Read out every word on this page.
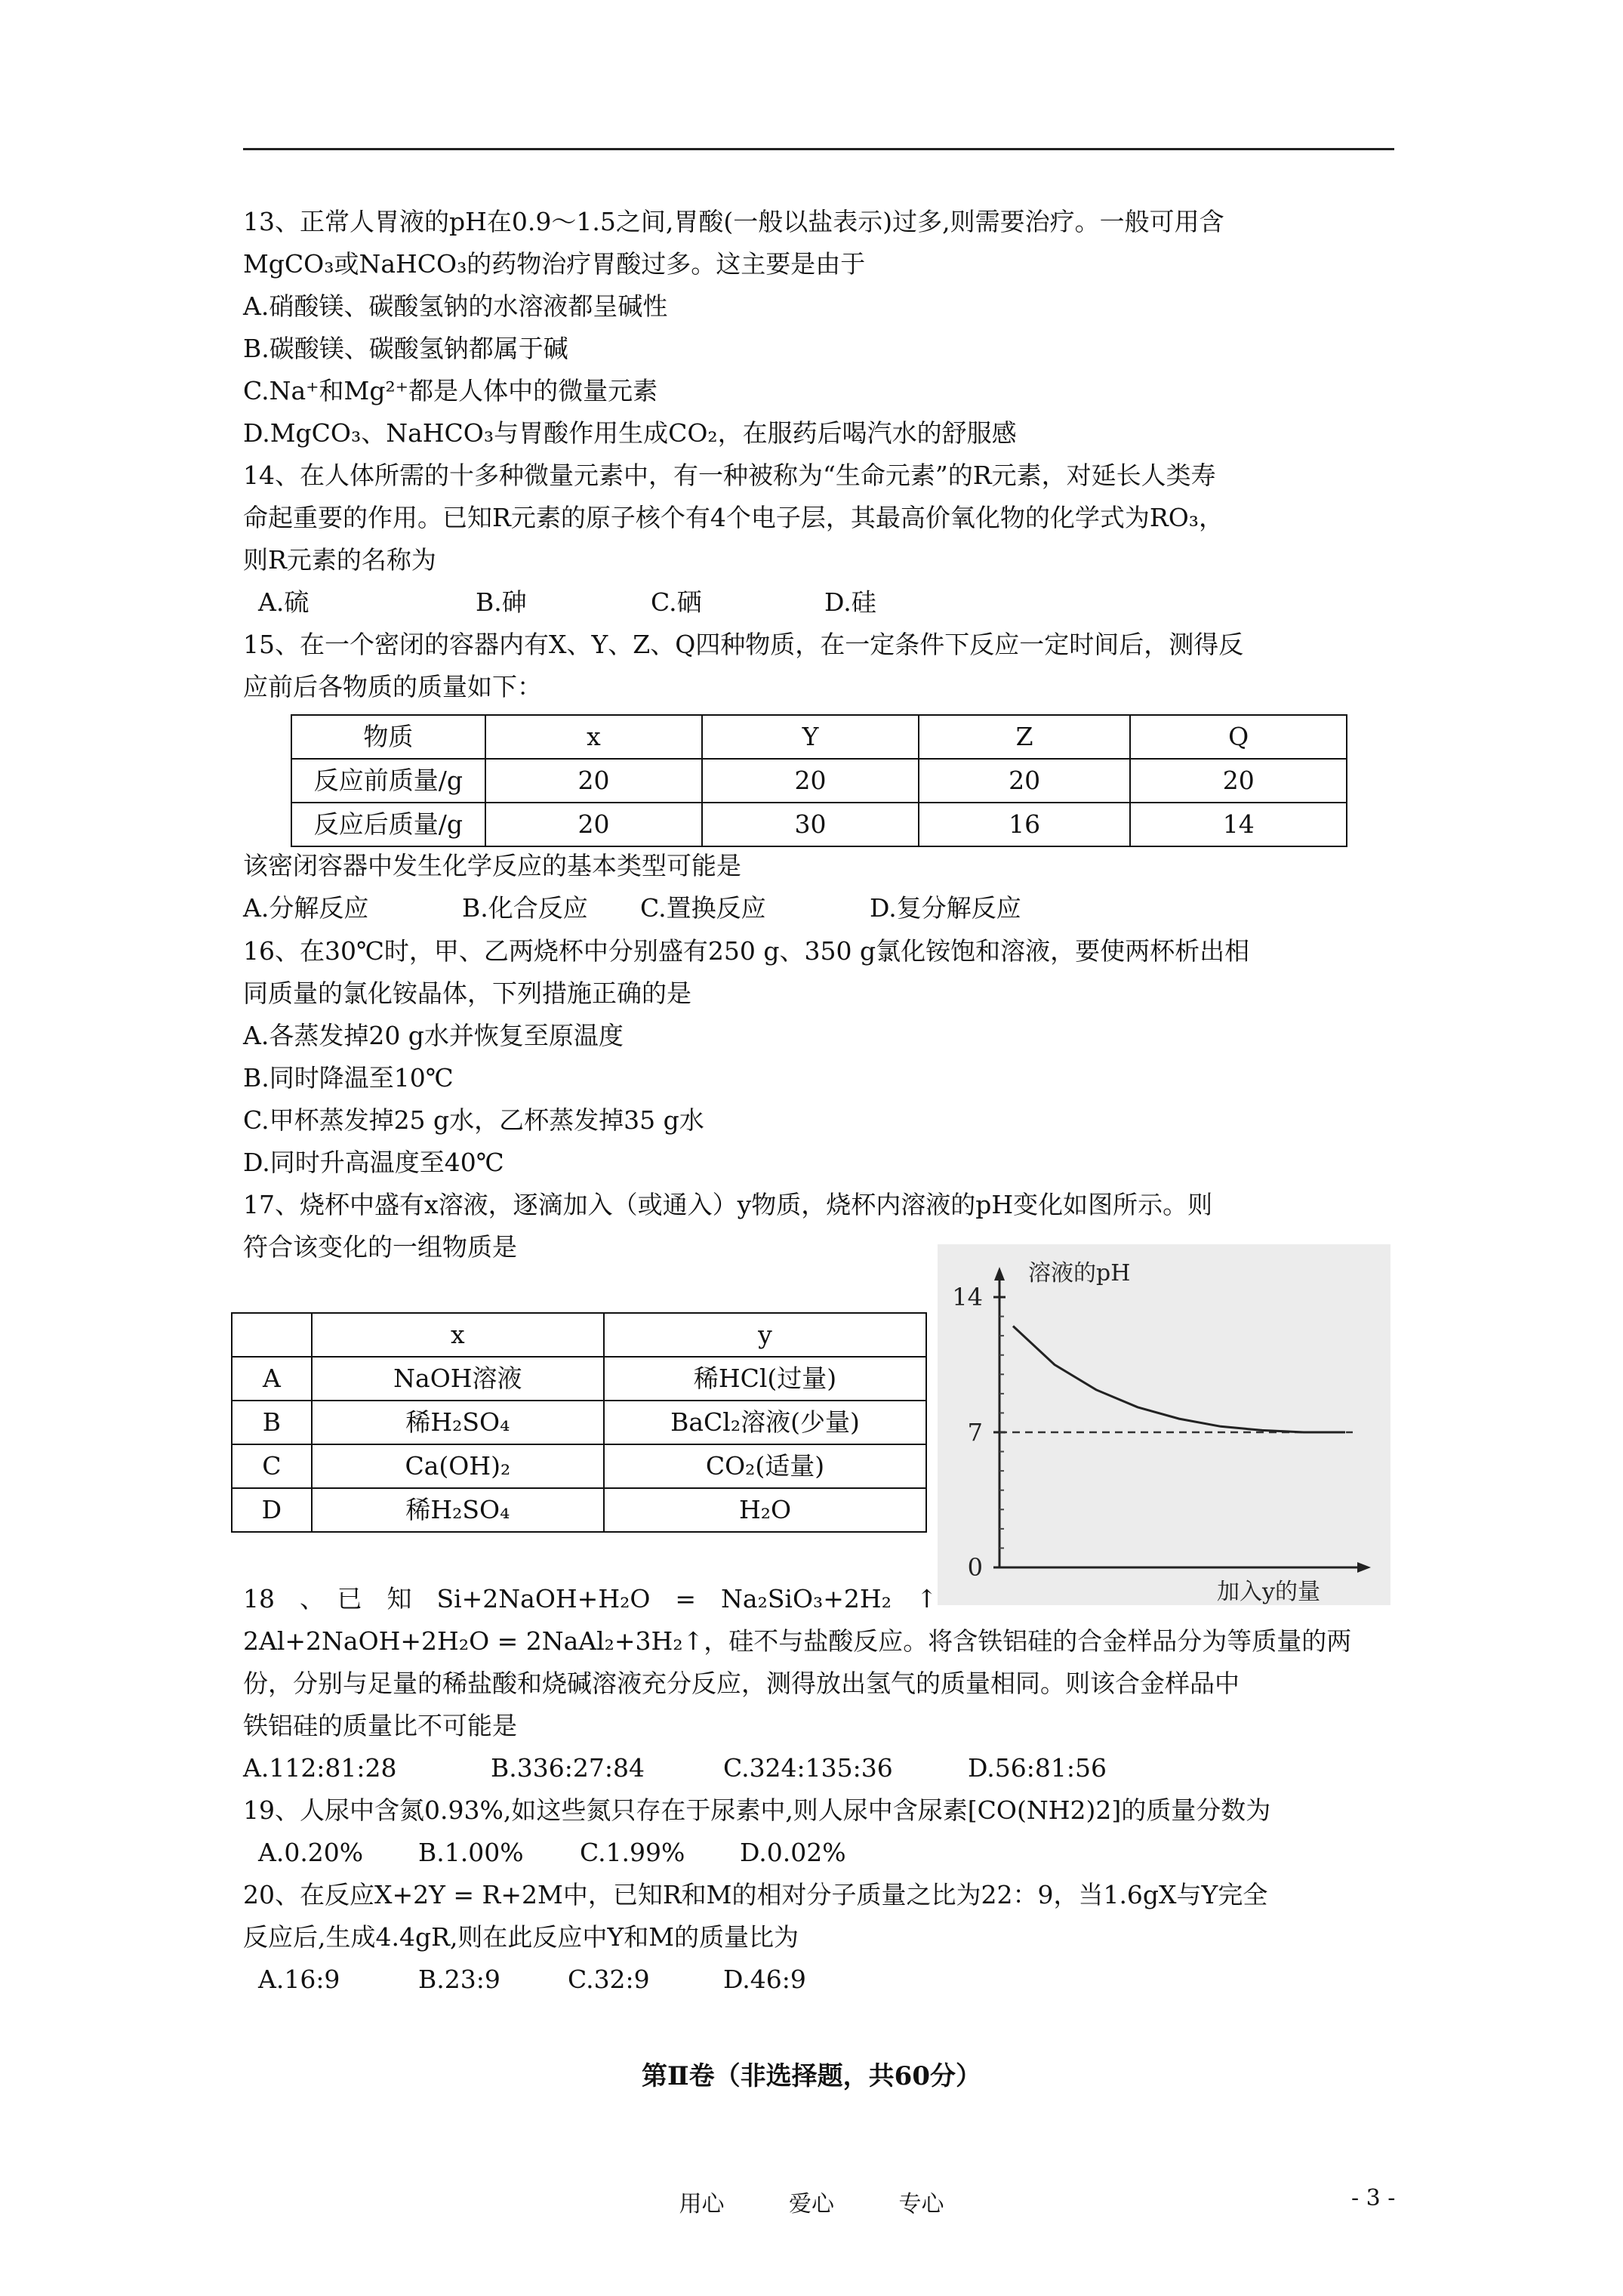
13、正常人胃液的pH在0.9～1.5之间,胃酸(一般以盐表示)过多,则需要治疗。一般可用含
MgCO₃或NaHCO₃的药物治疗胃酸过多。这主要是由于
A.硝酸镁、碳酸氢钠的水溶液都呈碱性
B.碳酸镁、碳酸氢钠都属于碱
C.Na⁺和Mg²⁺都是人体中的微量元素
D.MgCO₃、NaHCO₃与胃酸作用生成CO₂，在服药后喝汽水的舒服感
14、在人体所需的十多种微量元素中，有一种被称为“生命元素”的R元素，对延长人类寿
命起重要的作用。已知R元素的原子核个有4个电子层，其最高价氧化物的化学式为RO₃，
则R元素的名称为
A.硫	B.砷	C.硒	D.硅
15、在一个密闭的容器内有X、Y、Z、Q四种物质，在一定条件下反应一定时间后，测得反
应前后各物质的质量如下：
物质	x	Y	Z	Q
反应前质量/g	20	20	20	20
反应后质量/g	20	30	16	14
该密闭容器中发生化学反应的基本类型可能是
A.分解反应	B.化合反应 C.置换反应	D.复分解反应
16、在30℃时，甲、乙两烧杯中分别盛有250 g、350 g氯化铵饱和溶液，要使两杯析出相
同质量的氯化铵晶体，下列措施正确的是
A.各蒸发掉20 g水并恢复至原温度
B.同时降温至10℃
C.甲杯蒸发掉25 g水，乙杯蒸发掉35 g水
D.同时升高温度至40℃
17、烧杯中盛有x溶液，逐滴加入（或通入）y物质，烧杯内溶液的pH变化如图所示。则
符合该变化的一组物质是
	x	y
A	NaOH溶液	稀HCl(过量)
B	稀H₂SO₄	BaCl₂溶液(少量)
C	Ca(OH)₂	CO₂(适量)
D	稀H₂SO₄	H₂O
溶液的pH
加入y的量
14
7
0
18　、　已　知　Si+2NaOH+H₂O　=　Na₂SiO₃+2H₂　↑
2Al+2NaOH+2H₂O = 2NaAl₂+3H₂↑，硅不与盐酸反应。将含铁铝硅的合金样品分为等质量的两
份，分别与足量的稀盐酸和烧碱溶液充分反应，测得放出氢气的质量相同。则该合金样品中
铁铝硅的质量比不可能是
A.112:81:28	B.336:27:84	C.324:135:36	D.56:81:56
19、人尿中含氮0.93%,如这些氮只存在于尿素中,则人尿中含尿素[CO(NH2)2]的质量分数为
A.0.20% B.1.00% C.1.99% D.0.02%
20、在反应X+2Y = R+2M中，已知R和M的相对分子质量之比为22：9，当1.6gX与Y完全
反应后,生成4.4gR,则在此反应中Y和M的质量比为
A.16:9	B.23:9	C.32:9	D.46:9
第Ⅱ卷（非选择题，共60分）
用心	爱心	专心	- 3 -
